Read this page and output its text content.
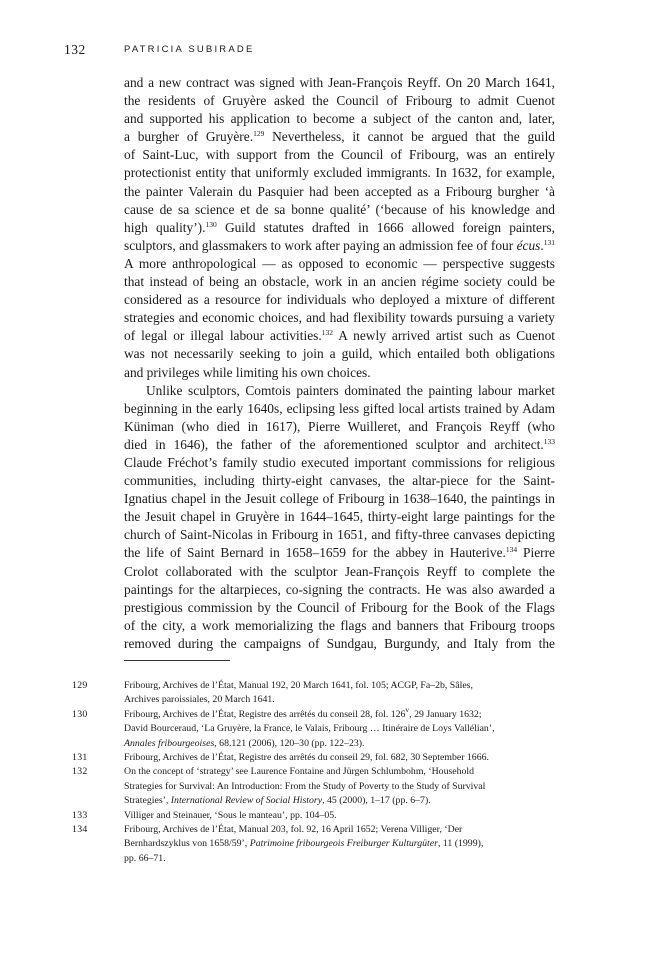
132	PATRICIA SUBIRADE

and a new contract was signed with Jean-François Reyff. On 20 March 1641,
the residents of Gruyère asked the Council of Fribourg to admit Cuenot
and supported his application to become a subject of the canton and, later,
a burgher of Gruyère.$^{129}$ Nevertheless, it cannot be argued that the guild
of Saint-Luc, with support from the Council of Fribourg, was an entirely
protectionist entity that uniformly excluded immigrants. In 1632, for example,
the painter Valerain du Pasquier had been accepted as a Fribourg burgher ‘à
cause de sa science et de sa bonne qualité’ (‘because of his knowledge and
high quality’).$^{130}$ Guild statutes drafted in 1666 allowed foreign painters,
sculptors, and glassmakers to work after paying an admission fee of four écus.$^{131}$
A more anthropological — as opposed to economic — perspective suggests
that instead of being an obstacle, work in an ancien régime society could be
considered as a resource for individuals who deployed a mixture of different
strategies and economic choices, and had flexibility towards pursuing a variety
of legal or illegal labour activities.$^{132}$ A newly arrived artist such as Cuenot
was not necessarily seeking to join a guild, which entailed both obligations
and privileges while limiting his own choices.

Unlike sculptors, Comtois painters dominated the painting labour market
beginning in the early 1640s, eclipsing less gifted local artists trained by Adam
Küniman (who died in 1617), Pierre Wuilleret, and François Reyff (who
died in 1646), the father of the aforementioned sculptor and architect.$^{133}$
Claude Fréchot’s family studio executed important commissions for religious
communities, including thirty-eight canvases, the altar-piece for the Saint-
Ignatius chapel in the Jesuit college of Fribourg in 1638–1640, the paintings in
the Jesuit chapel in Gruyère in 1644–1645, thirty-eight large paintings for the
church of Saint-Nicolas in Fribourg in 1651, and fifty-three canvases depicting
the life of Saint Bernard in 1658–1659 for the abbey in Hauterive.$^{134}$ Pierre
Crolot collaborated with the sculptor Jean-François Reyff to complete the
paintings for the altarpieces, co-signing the contracts. He was also awarded a
prestigious commission by the Council of Fribourg for the Book of the Flags
of the city, a work memorializing the flags and banners that Fribourg troops
removed during the campaigns of Sundgau, Burgundy, and Italy from the

129	Fribourg, Archives de l’État, Manual 192, 20 March 1641, fol. 105; ACGP, Fa–2b, Sâles,
Archives paroissiales, 20 March 1641.
130	Fribourg, Archives de l’État, Registre des arrêtés du conseil 28, fol. 126$^v$, 29 January 1632;
David Bourceraud, ‘La Gruyère, la France, le Valais, Fribourg … Itinéraire de Loys Vallélian’,
Annales fribourgeoises, 68.121 (2006), 120–30 (pp. 122–23).
131	Fribourg, Archives de l’État, Registre des arrêtés du conseil 29, fol. 682, 30 September 1666.
132	On the concept of ‘strategy’ see Laurence Fontaine and Jürgen Schlumbohm, ‘Household
Strategies for Survival: An Introduction: From the Study of Poverty to the Study of Survival
Strategies’, International Review of Social History, 45 (2000), 1–17 (pp. 6–7).
133	Villiger and Steinauer, ‘Sous le manteau’, pp. 104–05.
134	Fribourg, Archives de l’État, Manual 203, fol. 92, 16 April 1652; Verena Villiger, ‘Der
Bernhardszyklus von 1658/59’, Patrimoine fribourgeois Freiburger Kulturgüter, 11 (1999),
pp. 66–71.
